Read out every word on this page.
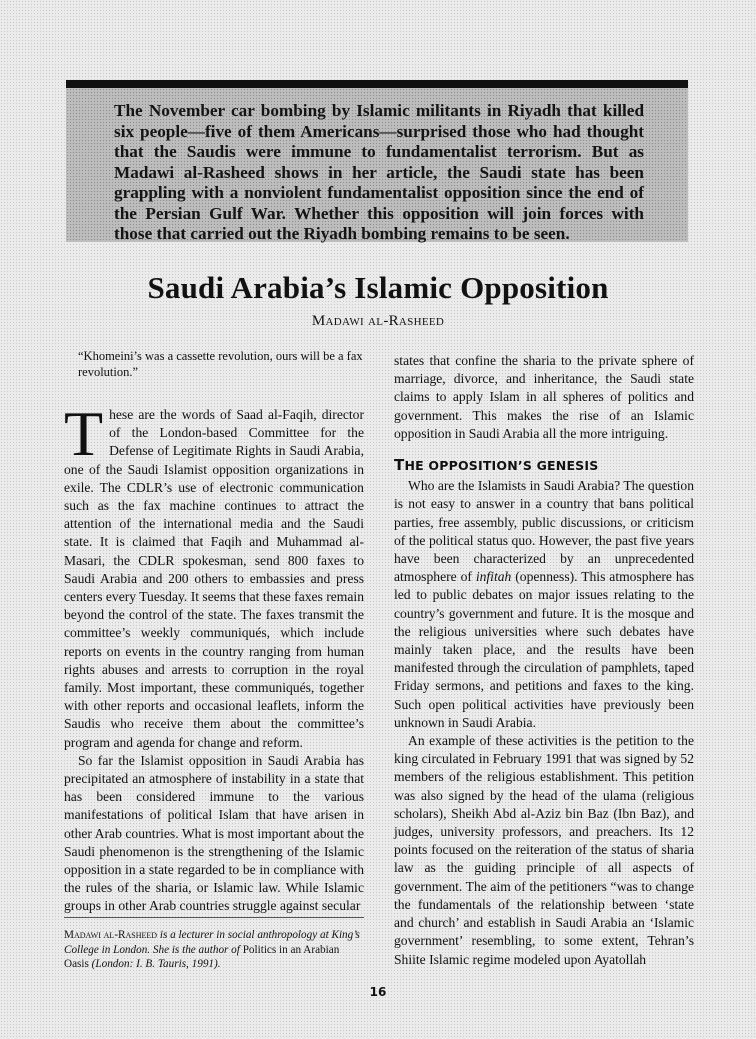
The November car bombing by Islamic militants in Riyadh that killed six people—five of them Americans—surprised those who had thought that the Saudis were immune to fundamentalist terrorism. But as Madawi al-Rasheed shows in her article, the Saudi state has been grappling with a nonviolent fundamentalist opposition since the end of the Persian Gulf War. Whether this opposition will join forces with those that carried out the Riyadh bombing remains to be seen.

Saudi Arabia’s Islamic Opposition
Madawi al-Rasheed
“Khomeini’s was a cassette revolution, ours will be a fax revolution.”

These are the words of Saad al-Faqih, director of the London-based Committee for the Defense of Legitimate Rights in Saudi Arabia, one of the Saudi Islamist opposition organizations in exile. The CDLR’s use of electronic communication such as the fax machine continues to attract the attention of the international media and the Saudi state. It is claimed that Faqih and Muhammad al-Masari, the CDLR spokesman, send 800 faxes to Saudi Arabia and 200 others to embassies and press centers every Tuesday. It seems that these faxes remain beyond the control of the state. The faxes transmit the committee’s weekly communiqués, which include reports on events in the country ranging from human rights abuses and arrests to corruption in the royal family. Most important, these communiqués, together with other reports and occasional leaflets, inform the Saudis who receive them about the committee’s program and agenda for change and reform.

So far the Islamist opposition in Saudi Arabia has precipitated an atmosphere of instability in a state that has been considered immune to the various manifestations of political Islam that have arisen in other Arab countries. What is most important about the Saudi phenomenon is the strengthening of the Islamic opposition in a state regarded to be in compliance with the rules of the sharia, or Islamic law. While Islamic groups in other Arab countries struggle against secular

states that confine the sharia to the private sphere of marriage, divorce, and inheritance, the Saudi state claims to apply Islam in all spheres of politics and government. This makes the rise of an Islamic opposition in Saudi Arabia all the more intriguing.

THE OPPOSITION’S GENESIS

Who are the Islamists in Saudi Arabia? The question is not easy to answer in a country that bans political parties, free assembly, public discussions, or criticism of the political status quo. However, the past five years have been characterized by an unprecedented atmosphere of infitah (openness). This atmosphere has led to public debates on major issues relating to the country’s government and future. It is the mosque and the religious universities where such debates have mainly taken place, and the results have been manifested through the circulation of pamphlets, taped Friday sermons, and petitions and faxes to the king. Such open political activities have previously been unknown in Saudi Arabia.

An example of these activities is the petition to the king circulated in February 1991 that was signed by 52 members of the religious establishment. This petition was also signed by the head of the ulama (religious scholars), Sheikh Abd al-Aziz bin Baz (Ibn Baz), and judges, university professors, and preachers. Its 12 points focused on the reiteration of the status of sharia law as the guiding principle of all aspects of government. The aim of the petitioners “was to change the fundamentals of the relationship between ‘state and church’ and establish in Saudi Arabia an ‘Islamic government’ resembling, to some extent, Tehran’s Shiite Islamic regime modeled upon Ayatollah

Madawi al-Rasheed is a lecturer in social anthropology at King’s College in London. She is the author of Politics in an Arabian Oasis (London: I. B. Tauris, 1991).

16
